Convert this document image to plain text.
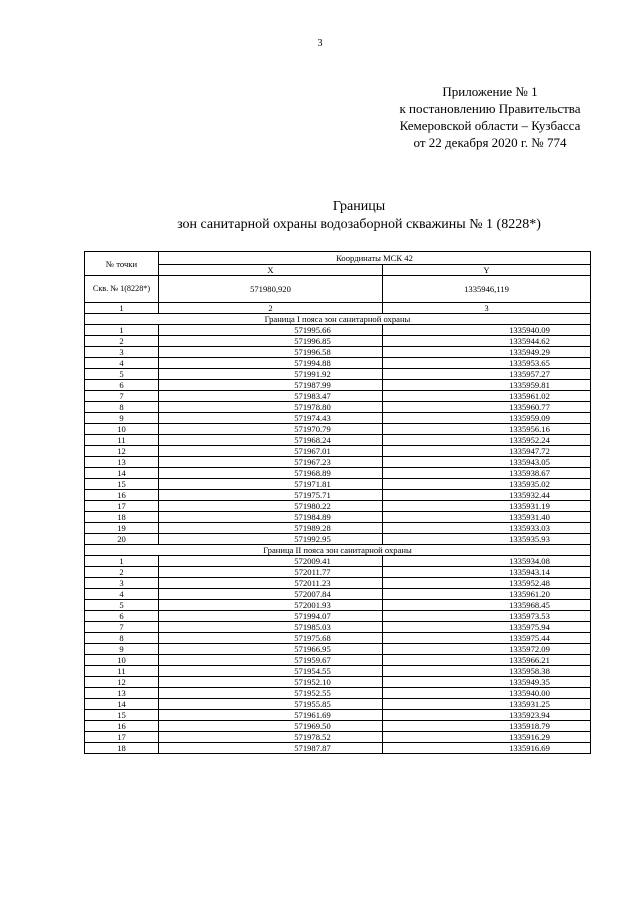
3
Приложение № 1
к постановлению Правительства
Кемеровской области – Кузбасса
от 22 декабря 2020 г. № 774
Границы
зон санитарной охраны водозаборной скважины № 1 (8228*)
№ точки	Координаты МСК 42	
	X	Y
Скв. № 1(8228*)	571980,920	1335946,119
1	2	3
Граница I пояса зон санитарной охраны		
1	571995.66	1335940.09
2	571996.85	1335944.62
3	571996.58	1335949.29
4	571994.88	1335953.65
5	571991.92	1335957.27
6	571987.99	1335959.81
7	571983.47	1335961.02
8	571978.80	1335960.77
9	571974.43	1335959.09
10	571970.79	1335956.16
11	571968.24	1335952.24
12	571967.01	1335947.72
13	571967.23	1335943.05
14	571968.89	1335938.67
15	571971.81	1335935.02
16	571975.71	1335932.44
17	571980.22	1335931.19
18	571984.89	1335931.40
19	571989.28	1335933.03
20	571992.95	1335935.93
Граница II пояса зон санитарной охраны		
1	572009.41	1335934.08
2	572011.77	1335943.14
3	572011.23	1335952.48
4	572007.84	1335961.20
5	572001.93	1335968.45
6	571994.07	1335973.53
7	571985.03	1335975.94
8	571975.68	1335975.44
9	571966.95	1335972.09
10	571959.67	1335966.21
11	571954.55	1335958.38
12	571952.10	1335949.35
13	571952.55	1335940.00
14	571955.85	1335931.25
15	571961.69	1335923.94
16	571969.50	1335918.79
17	571978.52	1335916.29
18	571987.87	1335916.69
